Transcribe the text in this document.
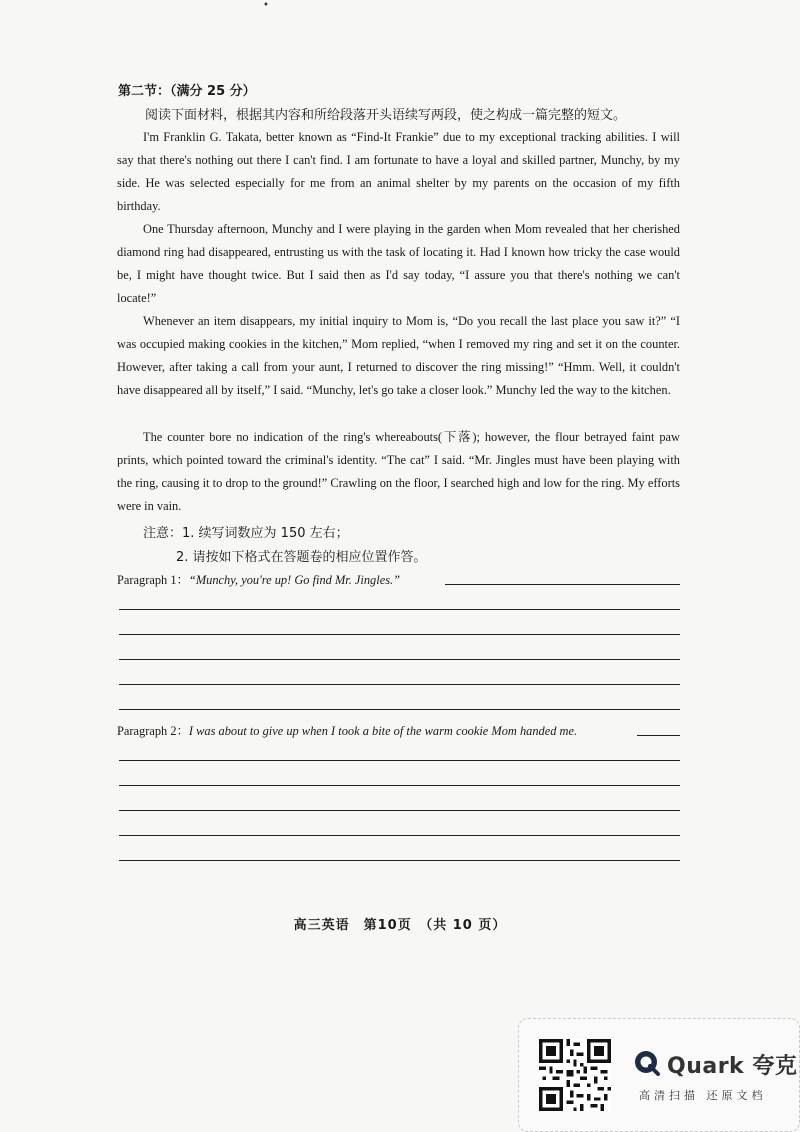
•
第二节：（满分 25 分）
阅读下面材料，根据其内容和所给段落开头语续写两段，使之构成一篇完整的短文。
I'm Franklin G. Takata, better known as “Find-It Frankie” due to my exceptional tracking abilities. I will say that there's nothing out there I can't find. I am fortunate to have a loyal and skilled partner, Munchy, by my side. He was selected especially for me from an animal shelter by my parents on the occasion of my fifth birthday.
One Thursday afternoon, Munchy and I were playing in the garden when Mom revealed that her cherished diamond ring had disappeared, entrusting us with the task of locating it. Had I known how tricky the case would be, I might have thought twice. But I said then as I'd say today, “I assure you that there's nothing we can't locate!”
Whenever an item disappears, my initial inquiry to Mom is, “Do you recall the last place you saw it?” “I was occupied making cookies in the kitchen,” Mom replied, “when I removed my ring and set it on the counter. However, after taking a call from your aunt, I returned to discover the ring missing!” “Hmm. Well, it couldn't have disappeared all by itself,” I said. “Munchy, let's go take a closer look.” Munchy led the way to the kitchen.
The counter bore no indication of the ring's whereabouts(下落); however, the flour betrayed faint paw prints, which pointed toward the criminal's identity. “The cat” I said. “Mr. Jingles must have been playing with the ring, causing it to drop to the ground!” Crawling on the floor, I searched high and low for the ring. My efforts were in vain.
注意：1. 续写词数应为 150 左右；
2. 请按如下格式在答题卷的相应位置作答。
Paragraph 1：“Munchy, you're up! Go find Mr. Jingles.”
Paragraph 2：I was about to give up when I took a bite of the warm cookie Mom handed me.
高三英语　第10页　（共 10 页）
Quark 夸克
高清扫描 还原文档
